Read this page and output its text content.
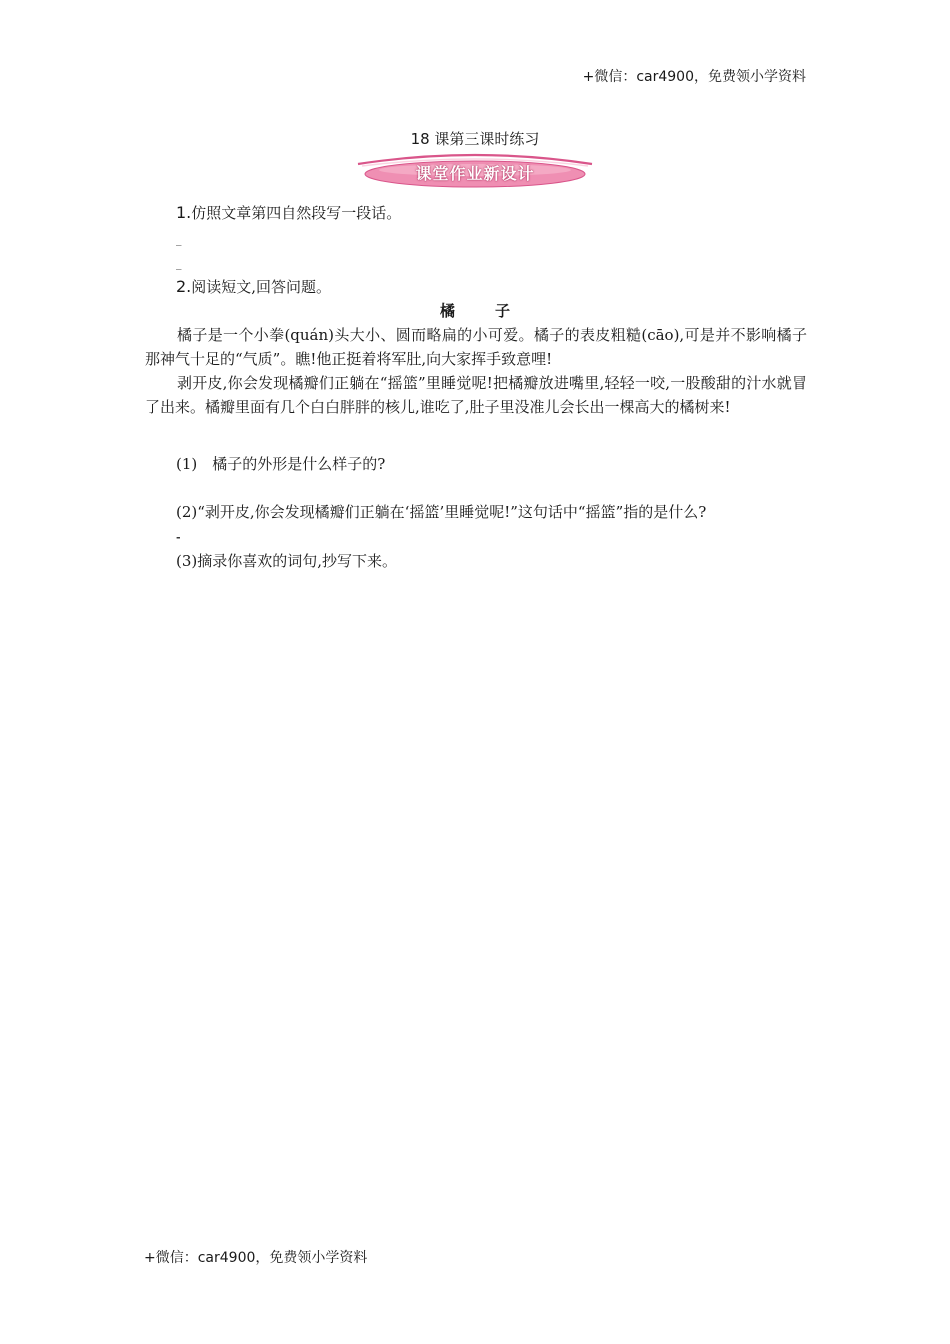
+微信：car4900，免费领小学资料
18 课第三课时练习
课堂作业新设计
1.仿照文章第四自然段写一段话。
_
_
2.阅读短文,回答问题。
橘	子

橘子是一个小拳(quán)头大小、圆而略扁的小可爱。橘子的表皮粗糙(cāo),可是并不影响橘子那神气十足的“气质”。瞧!他正挺着将军肚,向大家挥手致意哩!

剥开皮,你会发现橘瓣们正躺在“摇篮”里睡觉呢!把橘瓣放进嘴里,轻轻一咬,一股酸甜的汁水就冒了出来。橘瓣里面有几个白白胖胖的核儿,谁吃了,肚子里没准儿会长出一棵高大的橘树来!

(1)　橘子的外形是什么样子的?
(2)“剥开皮,你会发现橘瓣们正躺在‘摇篮’里睡觉呢!”这句话中“摇篮”指的是什么?
-
(3)摘录你喜欢的词句,抄写下来。
+微信：car4900，免费领小学资料
